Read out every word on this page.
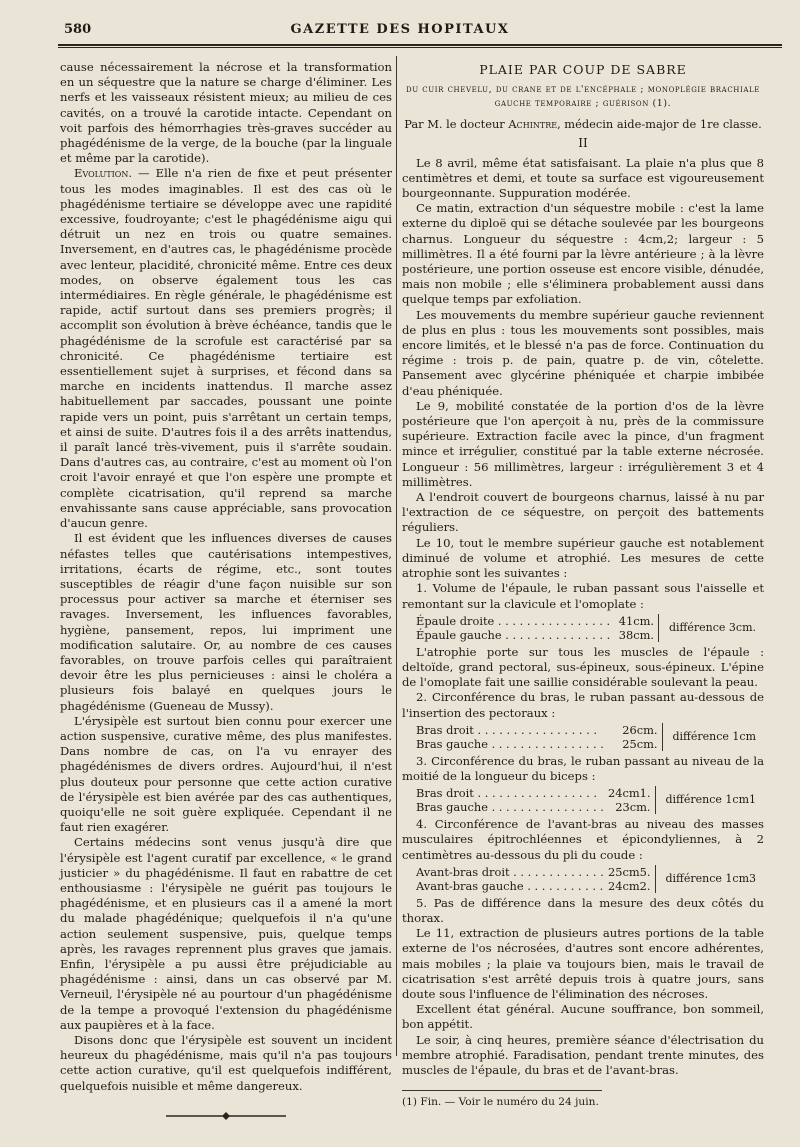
580	GAZETTE DES HOPITAUX

cause nécessairement la nécrose et la transformation en un séquestre que la nature se charge d'éliminer. Les nerfs et les vaisseaux résistent mieux; au milieu de ces cavités, on a trouvé la carotide intacte. Cependant on voit parfois des hémorrhagies très-graves succéder au phagédénisme de la verge, de la bouche (par la linguale et même par la carotide).

Evolution. — Elle n'a rien de fixe et peut présenter tous les modes imaginables. Il est des cas où le phagédénisme tertiaire se développe avec une rapidité excessive, foudroyante; c'est le phagédénisme aigu qui détruit un nez en trois ou quatre semaines. Inversement, en d'autres cas, le phagédénisme procède avec lenteur, placidité, chronicité même. Entre ces deux modes, on observe également tous les cas intermédiaires. En règle générale, le phagédénisme est rapide, actif surtout dans ses premiers progrès; il accomplit son évolution à brève échéance, tandis que le phagédénisme de la scrofule est caractérisé par sa chronicité. Ce phagédénisme tertiaire est essentiellement sujet à surprises, et fécond dans sa marche en incidents inattendus. Il marche assez habituellement par saccades, poussant une pointe rapide vers un point, puis s'arrêtant un certain temps, et ainsi de suite. D'autres fois il a des arrêts inattendus, il paraît lancé très-vivement, puis il s'arrête soudain. Dans d'autres cas, au contraire, c'est au moment où l'on croit l'avoir enrayé et que l'on espère une prompte et complète cicatrisation, qu'il reprend sa marche envahissante sans cause appréciable, sans provocation d'aucun genre.

Il est évident que les influences diverses de causes néfastes telles que cautérisations intempestives, irritations, écarts de régime, etc., sont toutes susceptibles de réagir d'une façon nuisible sur son processus pour activer sa marche et éterniser ses ravages. Inversement, les influences favorables, hygiène, pansement, repos, lui impriment une modification salutaire. Or, au nombre de ces causes favorables, on trouve parfois celles qui paraîtraient devoir être les plus pernicieuses : ainsi le choléra a plusieurs fois balayé en quelques jours le phagédénisme (Gueneau de Mussy).

L'érysipèle est surtout bien connu pour exercer une action suspensive, curative même, des plus manifestes. Dans nombre de cas, on l'a vu enrayer des phagédénismes de divers ordres. Aujourd'hui, il n'est plus douteux pour personne que cette action curative de l'érysipèle est bien avérée par des cas authentiques, quoiqu'elle ne soit guère expliquée. Cependant il ne faut rien exagérer.

Certains médecins sont venus jusqu'à dire que l'érysipèle est l'agent curatif par excellence, « le grand justicier » du phagédénisme. Il faut en rabattre de cet enthousiasme : l'érysipèle ne guérit pas toujours le phagédénisme, et en plusieurs cas il a amené la mort du malade phagédénique; quelquefois il n'a qu'une action seulement suspensive, puis, quelque temps après, les ravages reprennent plus graves que jamais. Enfin, l'érysipèle a pu aussi être préjudiciable au phagédénisme : ainsi, dans un cas observé par M. Verneuil, l'érysipèle né au pourtour d'un phagédénisme de la tempe a provoqué l'extension du phagédénisme aux paupières et à la face.

Disons donc que l'érysipèle est souvent un incident heureux du phagédénisme, mais qu'il n'a pas toujours cette action curative, qu'il est quelquefois indifférent, quelquefois nuisible et même dangereux.

PLAIE PAR COUP DE SABRE
du cuir chevelu, du crane et de l'encéphale ; monoplégie brachiale gauche temporaire ; guérison (1).
Par M. le docteur Achintre, médecin aide-major de 1re classe.
II

Le 8 avril, même état satisfaisant. La plaie n'a plus que 8 centimètres et demi, et toute sa surface est vigoureusement bourgeonnante. Suppuration modérée.

Ce matin, extraction d'un séquestre mobile : c'est la lame externe du diploë qui se détache soulevée par les bourgeons charnus. Longueur du séquestre : 4cm,2; largeur : 5 millimètres. Il a été fourni par la lèvre antérieure ; à la lèvre postérieure, une portion osseuse est encore visible, dénudée, mais non mobile ; elle s'éliminera probablement aussi dans quelque temps par exfoliation.

Les mouvements du membre supérieur gauche reviennent de plus en plus : tous les mouvements sont possibles, mais encore limités, et le blessé n'a pas de force. Continuation du régime : trois p. de pain, quatre p. de vin, côtelette. Pansement avec glycérine phéniquée et charpie imbibée d'eau phéniquée.

Le 9, mobilité constatée de la portion d'os de la lèvre postérieure que l'on aperçoit à nu, près de la commissure supérieure. Extraction facile avec la pince, d'un fragment mince et irrégulier, constitué par la table externe nécrosée. Longueur : 56 millimètres, largeur : irrégulièrement 3 et 4 millimètres.

A l'endroit couvert de bourgeons charnus, laissé à nu par l'extraction de ce séquestre, on perçoit des battements réguliers.

Le 10, tout le membre supérieur gauche est notablement diminué de volume et atrophié. Les mesures de cette atrophie sont les suivantes :

1. Volume de l'épaule, le ruban passant sous l'aisselle et remontant sur la clavicule et l'omoplate :

Épaule droite . . . . . . . . . . . . . . . .	41cm.	différence 3cm.
Épaule gauche . . . . . . . . . . . . . . .	38cm.	

L'atrophie porte sur tous les muscles de l'épaule : deltoïde, grand pectoral, sus-épineux, sous-épineux. L'épine de l'omoplate fait une saillie considérable soulevant la peau.

2. Circonférence du bras, le ruban passant au-dessous de l'insertion des pectoraux :

Bras droit . . . . . . . . . . . . . . . . .	26cm.	différence 1cm
Bras gauche . . . . . . . . . . . . . . . .	25cm.	

3. Circonférence du bras, le ruban passant au niveau de la moitié de la longueur du biceps :

Bras droit . . . . . . . . . . . . . . . . .	24cm1.	différence 1cm1
Bras gauche . . . . . . . . . . . . . . . .	23cm.	

4. Circonférence de l'avant-bras au niveau des masses musculaires épitrochléennes et épicondyliennes, à 2 centimètres au-dessous du pli du coude :

Avant-bras droit . . . . . . . . . . . . .	25cm5.	différence 1cm3
Avant-bras gauche . . . . . . . . . . .	24cm2.	

5. Pas de différence dans la mesure des deux côtés du thorax.

Le 11, extraction de plusieurs autres portions de la table externe de l'os nécrosées, d'autres sont encore adhérentes, mais mobiles ; la plaie va toujours bien, mais le travail de cicatrisation s'est arrêté depuis trois à quatre jours, sans doute sous l'influence de l'élimination des nécroses.

Excellent état général. Aucune souffrance, bon sommeil, bon appétit.

Le soir, à cinq heures, première séance d'électrisation du membre atrophié. Faradisation, pendant trente minutes, des muscles de l'épaule, du bras et de l'avant-bras.

(1) Fin. — Voir le numéro du 24 juin.
